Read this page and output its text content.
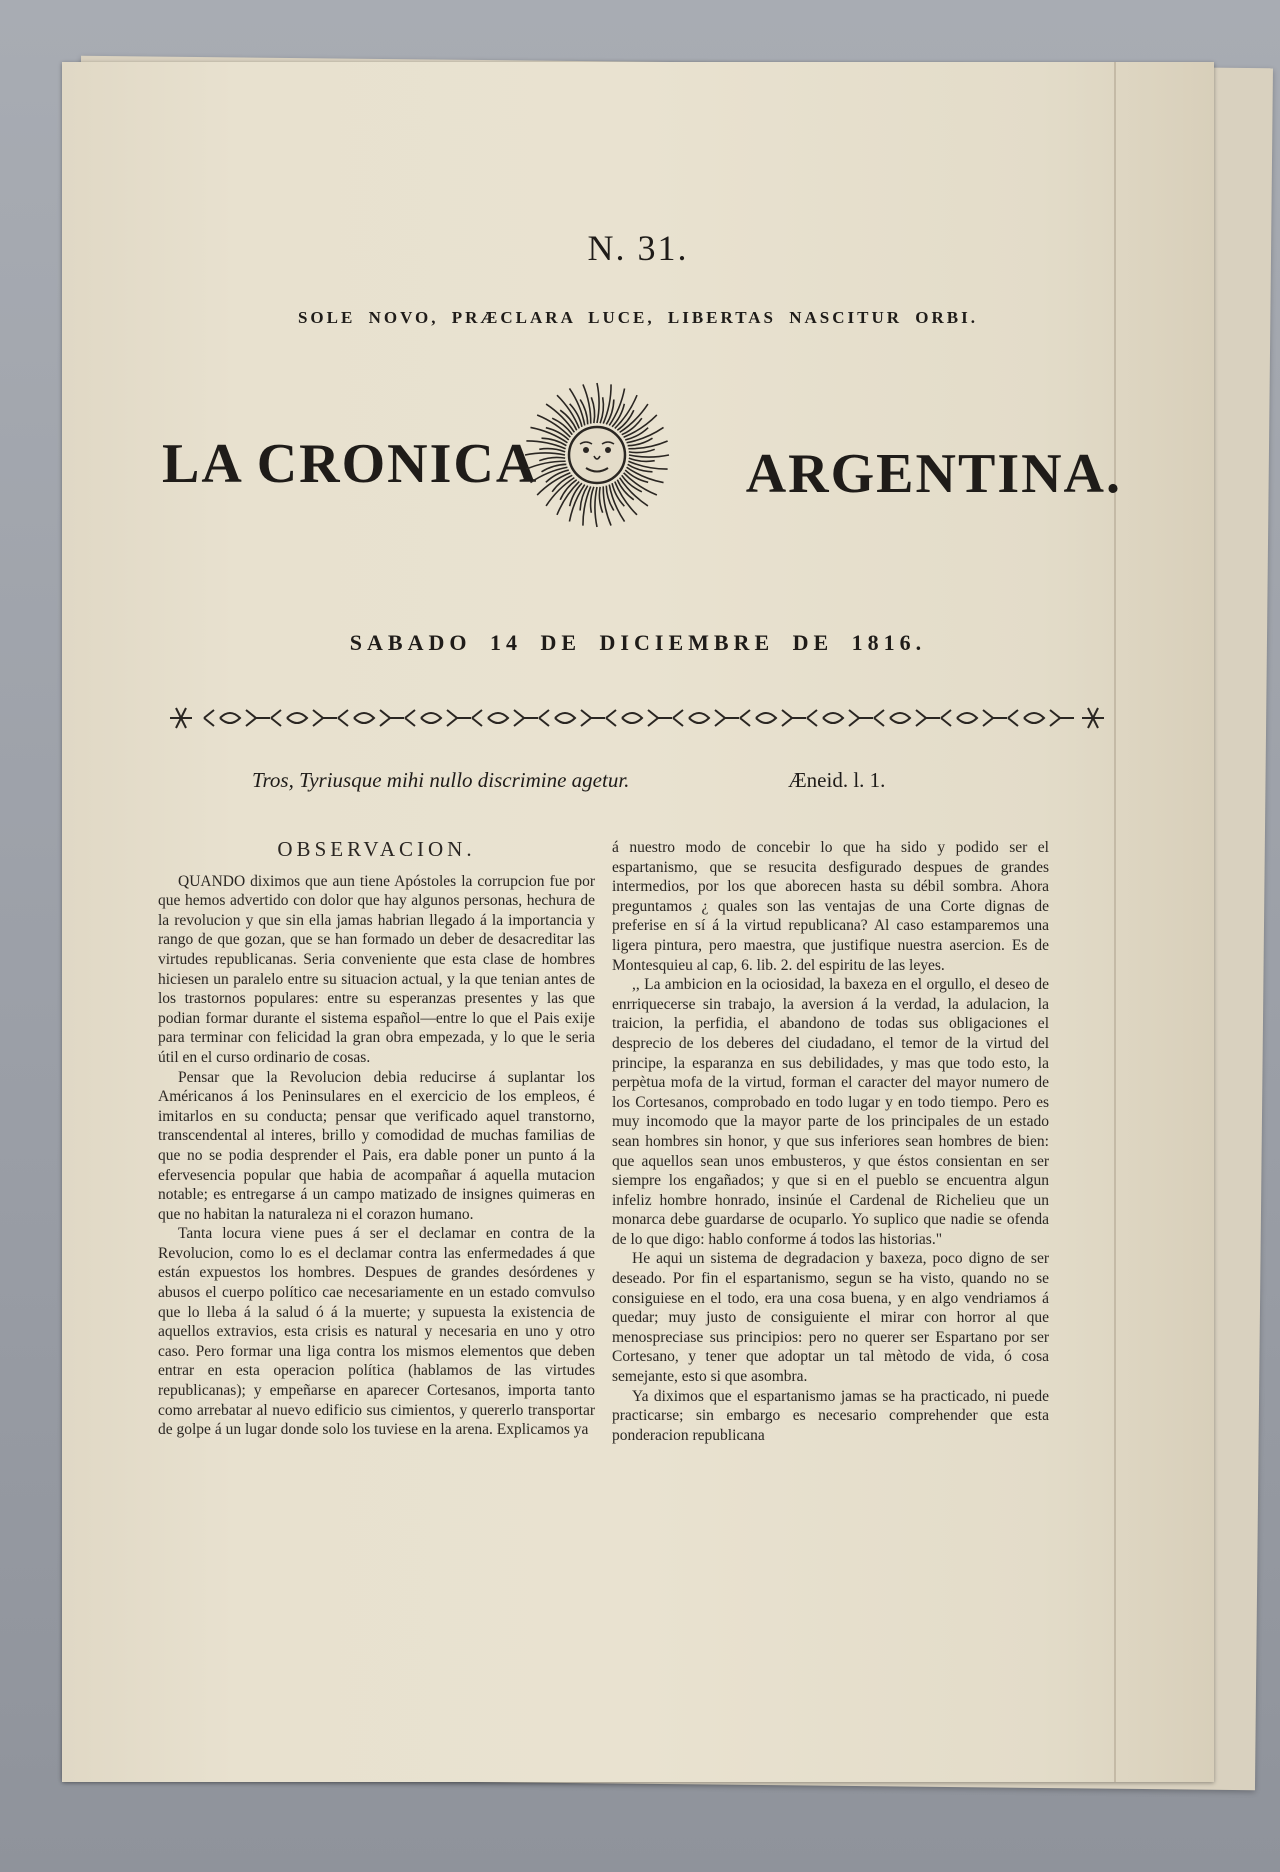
N. 31.
SOLE NOVO, PRÆCLARA LUCE, LIBERTAS NASCITUR ORBI.
LA CRONICA	ARGENTINA.
SABADO 14 DE DICIEMBRE DE 1816.
Tros, Tyriusque mihi nullo discrimine agetur.	Æneid. l. 1.
OBSERVACION.

QUANDO diximos que aun tiene Apóstoles la corrupcion fue por que hemos advertido con dolor que hay algunos personas, hechura de la revolucion y que sin ella jamas habrian llegado á la importancia y rango de que gozan, que se han formado un deber de desacreditar las virtudes republicanas. Seria conveniente que esta clase de hombres hiciesen un paralelo entre su situacion actual, y la que tenian antes de los trastornos populares: entre su esperanzas presentes y las que podian formar durante el sistema español—entre lo que el Pais exije para terminar con felicidad la gran obra empezada, y lo que le seria útil en el curso ordinario de cosas.

Pensar que la Revolucion debia reducirse á suplantar los Américanos á los Peninsulares en el exercicio de los empleos, é imitarlos en su conducta; pensar que verificado aquel transtorno, transcendental al interes, brillo y comodidad de muchas familias de que no se podia desprender el Pais, era dable poner un punto á la efervesencia popular que habia de acompañar á aquella mutacion notable; es entregarse á un campo matizado de insignes quimeras en que no habitan la naturaleza ni el corazon humano.

Tanta locura viene pues á ser el declamar en contra de la Revolucion, como lo es el declamar contra las enfermedades á que están expuestos los hombres. Despues de grandes desórdenes y abusos el cuerpo político cae necesariamente en un estado comvulso que lo lleba á la salud ó á la muerte; y supuesta la existencia de aquellos extravios, esta crisis es natural y necesaria en uno y otro caso. Pero formar una liga contra los mismos elementos que deben entrar en esta operacion política (hablamos de las virtudes republicanas); y empeñarse en aparecer Cortesanos, importa tanto como arrebatar al nuevo edificio sus cimientos, y quererlo transportar de golpe á un lugar donde solo los tuviese en la arena. Explicamos ya

á nuestro modo de concebir lo que ha sido y podido ser el espartanismo, que se resucita desfigurado despues de grandes intermedios, por los que aborecen hasta su débil sombra. Ahora preguntamos ¿ quales son las ventajas de una Corte dignas de preferise en sí á la virtud republicana? Al caso estamparemos una ligera pintura, pero maestra, que justifique nuestra asercion. Es de Montesquieu al cap, 6. lib. 2. del espiritu de las leyes.

,, La ambicion en la ociosidad, la baxeza en el orgullo, el deseo de enrriquecerse sin trabajo, la aversion á la verdad, la adulacion, la traicion, la perfidia, el abandono de todas sus obligaciones el desprecio de los deberes del ciudadano, el temor de la virtud del principe, la esparanza en sus debilidades, y mas que todo esto, la perpètua mofa de la virtud, forman el caracter del mayor numero de los Cortesanos, comprobado en todo lugar y en todo tiempo. Pero es muy incomodo que la mayor parte de los principales de un estado sean hombres sin honor, y que sus inferiores sean hombres de bien: que aquellos sean unos embusteros, y que éstos consientan en ser siempre los engañados; y que si en el pueblo se encuentra algun infeliz hombre honrado, insinúe el Cardenal de Richelieu que un monarca debe guardarse de ocuparlo. Yo suplico que nadie se ofenda de lo que digo: hablo conforme á todos las historias."

He aqui un sistema de degradacion y baxeza, poco digno de ser deseado. Por fin el espartanismo, segun se ha visto, quando no se consiguiese en el todo, era una cosa buena, y en algo vendriamos á quedar; muy justo de consiguiente el mirar con horror al que menospreciase sus principios: pero no querer ser Espartano por ser Cortesano, y tener que adoptar un tal mètodo de vida, ó cosa semejante, esto si que asombra.

Ya diximos que el espartanismo jamas se ha practicado, ni puede practicarse; sin embargo es necesario comprehender que esta ponderacion republicana
